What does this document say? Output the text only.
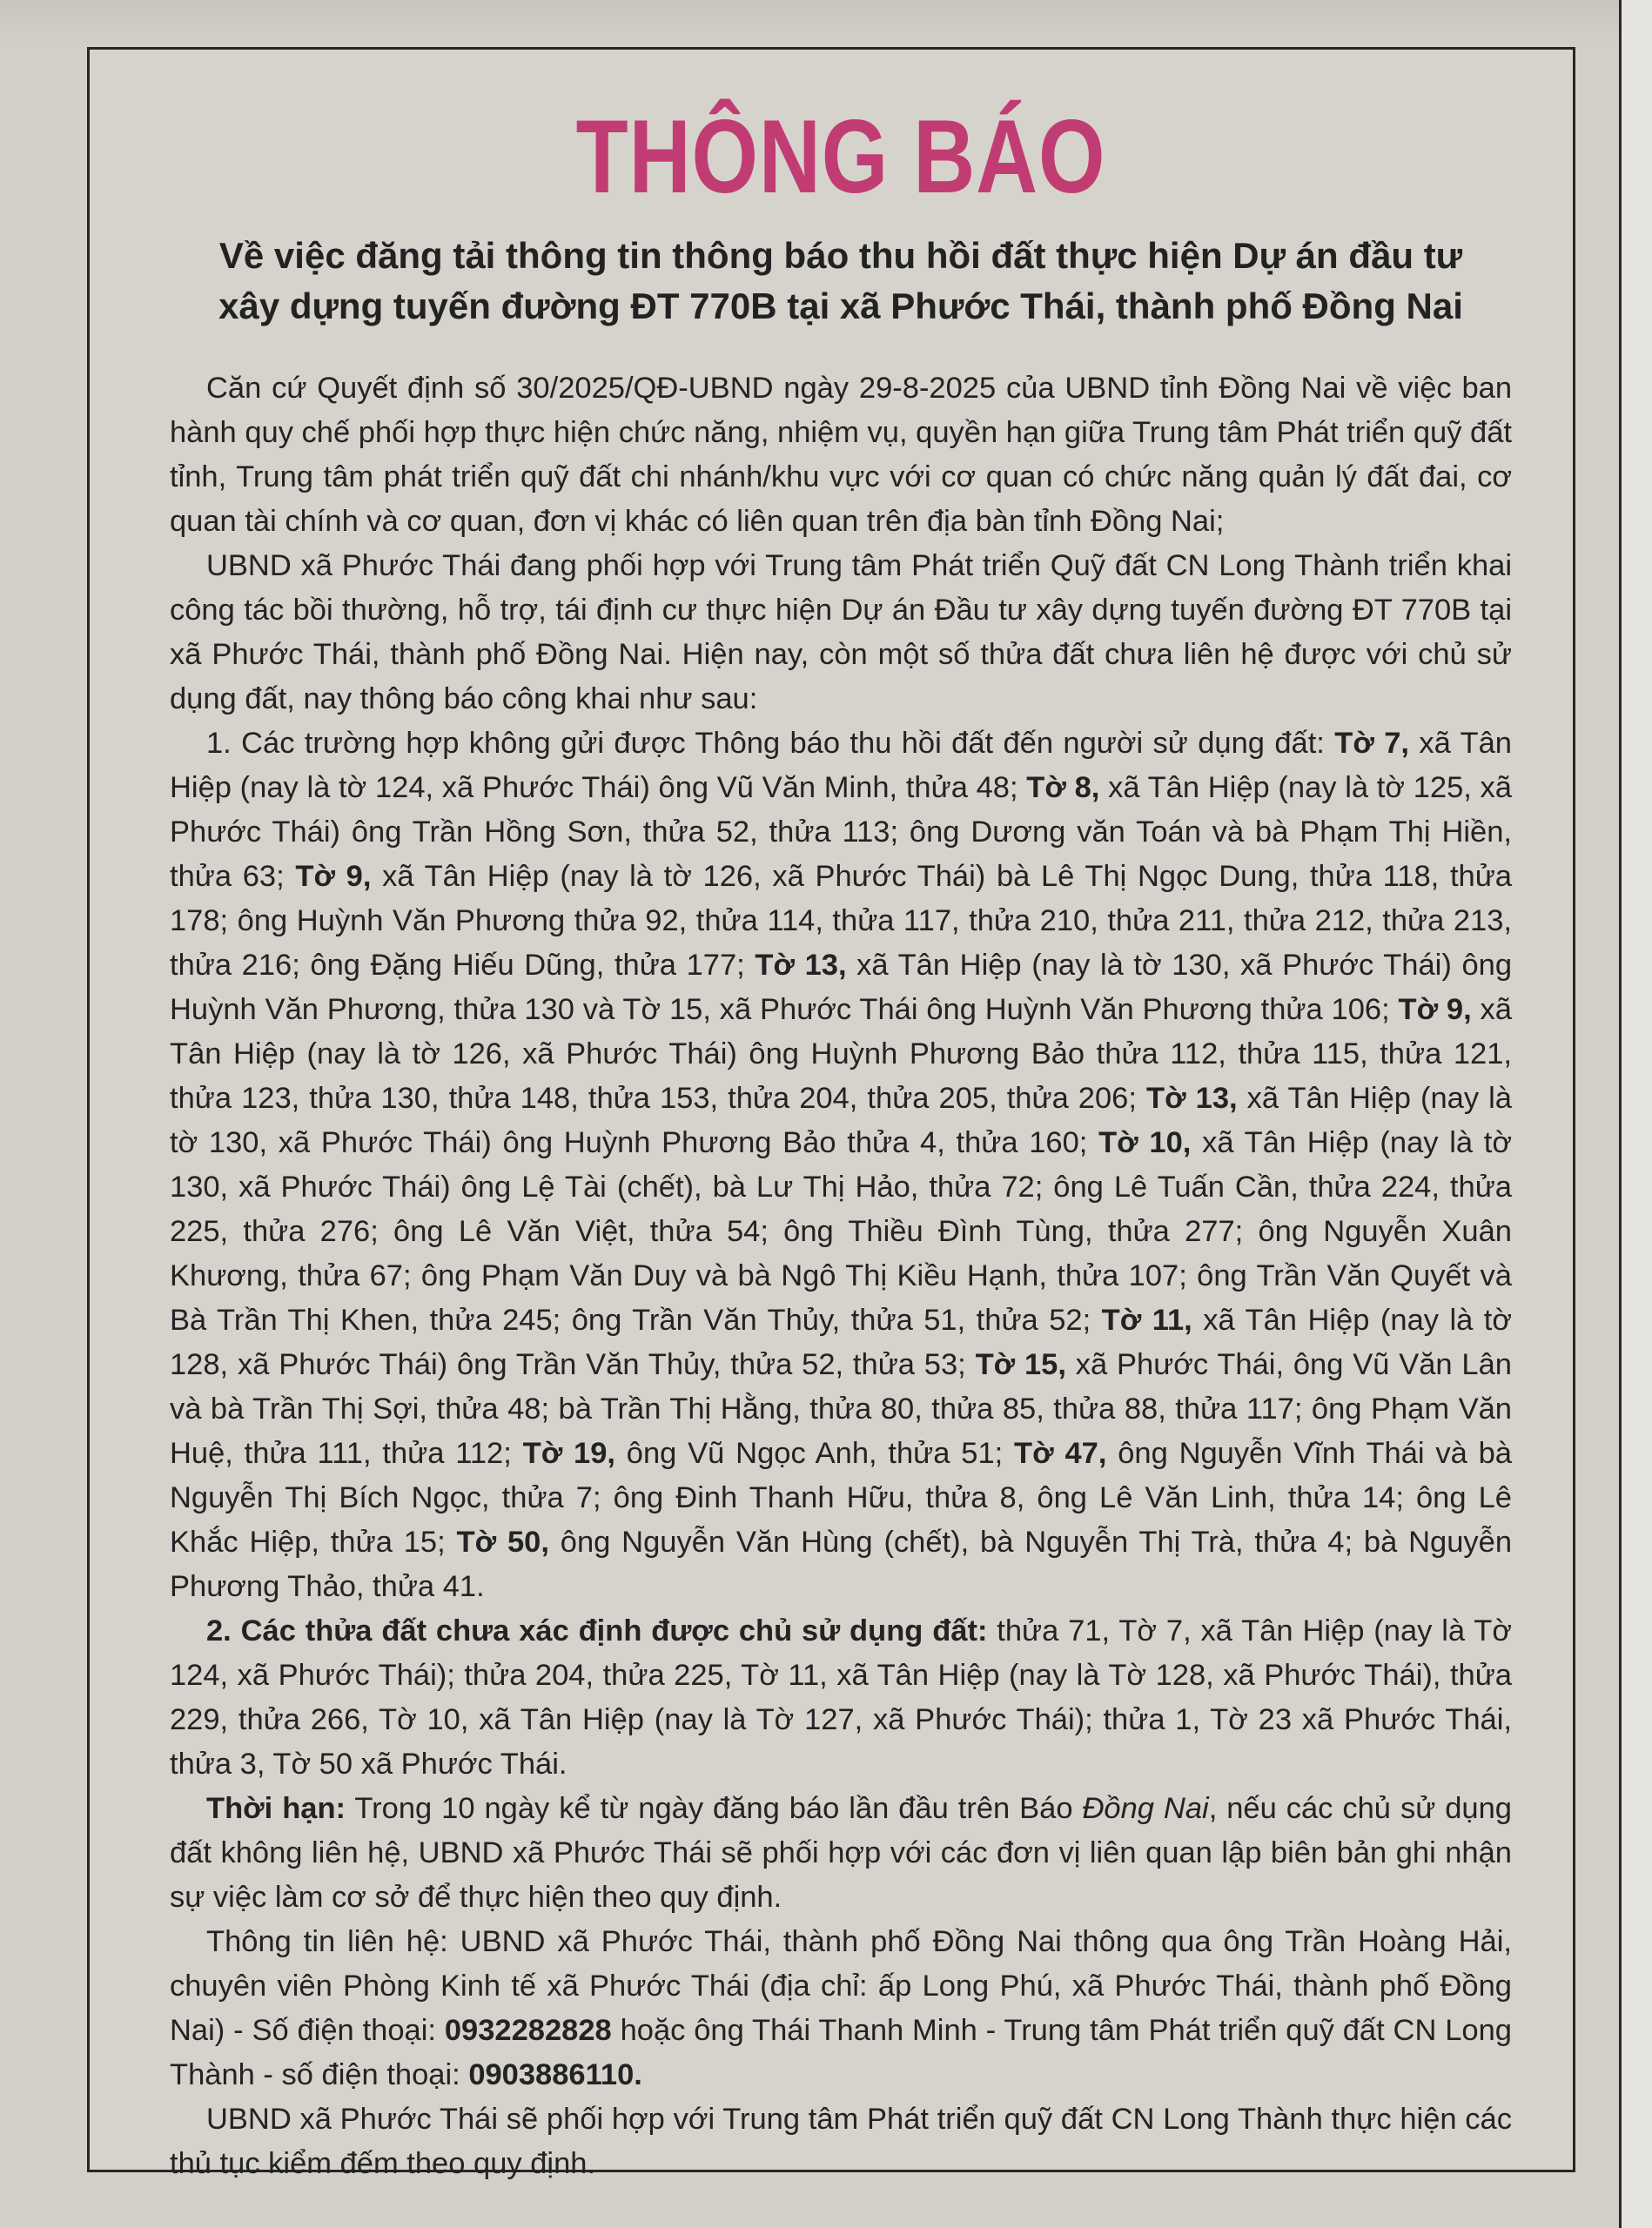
THÔNG BÁO
Về việc đăng tải thông tin thông báo thu hồi đất thực hiện Dự án đầu tư
xây dựng tuyến đường ĐT 770B tại xã Phước Thái, thành phố Đồng Nai

Căn cứ Quyết định số 30/2025/QĐ-UBND ngày 29-8-2025 của UBND tỉnh Đồng Nai về việc ban hành quy chế phối hợp thực hiện chức năng, nhiệm vụ, quyền hạn giữa Trung tâm Phát triển quỹ đất tỉnh, Trung tâm phát triển quỹ đất chi nhánh/khu vực với cơ quan có chức năng quản lý đất đai, cơ quan tài chính và cơ quan, đơn vị khác có liên quan trên địa bàn tỉnh Đồng Nai;

UBND xã Phước Thái đang phối hợp với Trung tâm Phát triển Quỹ đất CN Long Thành triển khai công tác bồi thường, hỗ trợ, tái định cư thực hiện Dự án Đầu tư xây dựng tuyến đường ĐT 770B tại xã Phước Thái, thành phố Đồng Nai. Hiện nay, còn một số thửa đất chưa liên hệ được với chủ sử dụng đất, nay thông báo công khai như sau:

1. Các trường hợp không gửi được Thông báo thu hồi đất đến người sử dụng đất: Tờ 7, xã Tân Hiệp (nay là tờ 124, xã Phước Thái) ông Vũ Văn Minh, thửa 48; Tờ 8, xã Tân Hiệp (nay là tờ 125, xã Phước Thái) ông Trần Hồng Sơn, thửa 52, thửa 113; ông Dương văn Toán và bà Phạm Thị Hiền, thửa 63; Tờ 9, xã Tân Hiệp (nay là tờ 126, xã Phước Thái) bà Lê Thị Ngọc Dung, thửa 118, thửa 178; ông Huỳnh Văn Phương thửa 92, thửa 114, thửa 117, thửa 210, thửa 211, thửa 212, thửa 213, thửa 216; ông Đặng Hiếu Dũng, thửa 177; Tờ 13, xã Tân Hiệp (nay là tờ 130, xã Phước Thái) ông Huỳnh Văn Phương, thửa 130 và Tờ 15, xã Phước Thái ông Huỳnh Văn Phương thửa 106; Tờ 9, xã Tân Hiệp (nay là tờ 126, xã Phước Thái) ông Huỳnh Phương Bảo thửa 112, thửa 115, thửa 121, thửa 123, thửa 130, thửa 148, thửa 153, thửa 204, thửa 205, thửa 206; Tờ 13, xã Tân Hiệp (nay là tờ 130, xã Phước Thái) ông Huỳnh Phương Bảo thửa 4, thửa 160; Tờ 10, xã Tân Hiệp (nay là tờ 130, xã Phước Thái) ông Lệ Tài (chết), bà Lư Thị Hảo, thửa 72; ông Lê Tuấn Cần, thửa 224, thửa 225, thửa 276; ông Lê Văn Việt, thửa 54; ông Thiều Đình Tùng, thửa 277; ông Nguyễn Xuân Khương, thửa 67; ông Phạm Văn Duy và bà Ngô Thị Kiều Hạnh, thửa 107; ông Trần Văn Quyết và Bà Trần Thị Khen, thửa 245; ông Trần Văn Thủy, thửa 51, thửa 52; Tờ 11, xã Tân Hiệp (nay là tờ 128, xã Phước Thái) ông Trần Văn Thủy, thửa 52, thửa 53; Tờ 15, xã Phước Thái, ông Vũ Văn Lân và bà Trần Thị Sợi, thửa 48; bà Trần Thị Hằng, thửa 80, thửa 85, thửa 88, thửa 117; ông Phạm Văn Huệ, thửa 111, thửa 112; Tờ 19, ông Vũ Ngọc Anh, thửa 51; Tờ 47, ông Nguyễn Vĩnh Thái và bà Nguyễn Thị Bích Ngọc, thửa 7; ông Đinh Thanh Hữu, thửa 8, ông Lê Văn Linh, thửa 14; ông Lê Khắc Hiệp, thửa 15; Tờ 50, ông Nguyễn Văn Hùng (chết), bà Nguyễn Thị Trà, thửa 4; bà Nguyễn Phương Thảo, thửa 41.

2. Các thửa đất chưa xác định được chủ sử dụng đất: thửa 71, Tờ 7, xã Tân Hiệp (nay là Tờ 124, xã Phước Thái); thửa 204, thửa 225, Tờ 11, xã Tân Hiệp (nay là Tờ 128, xã Phước Thái), thửa 229, thửa 266, Tờ 10, xã Tân Hiệp (nay là Tờ 127, xã Phước Thái); thửa 1, Tờ 23 xã Phước Thái, thửa 3, Tờ 50 xã Phước Thái.

Thời hạn: Trong 10 ngày kể từ ngày đăng báo lần đầu trên Báo Đồng Nai, nếu các chủ sử dụng đất không liên hệ, UBND xã Phước Thái sẽ phối hợp với các đơn vị liên quan lập biên bản ghi nhận sự việc làm cơ sở để thực hiện theo quy định.

Thông tin liên hệ: UBND xã Phước Thái, thành phố Đồng Nai thông qua ông Trần Hoàng Hải, chuyên viên Phòng Kinh tế xã Phước Thái (địa chỉ: ấp Long Phú, xã Phước Thái, thành phố Đồng Nai) - Số điện thoại: 0932282828 hoặc ông Thái Thanh Minh - Trung tâm Phát triển quỹ đất CN Long Thành - số điện thoại: 0903886110.

UBND xã Phước Thái sẽ phối hợp với Trung tâm Phát triển quỹ đất CN Long Thành thực hiện các thủ tục kiểm đếm theo quy định.
